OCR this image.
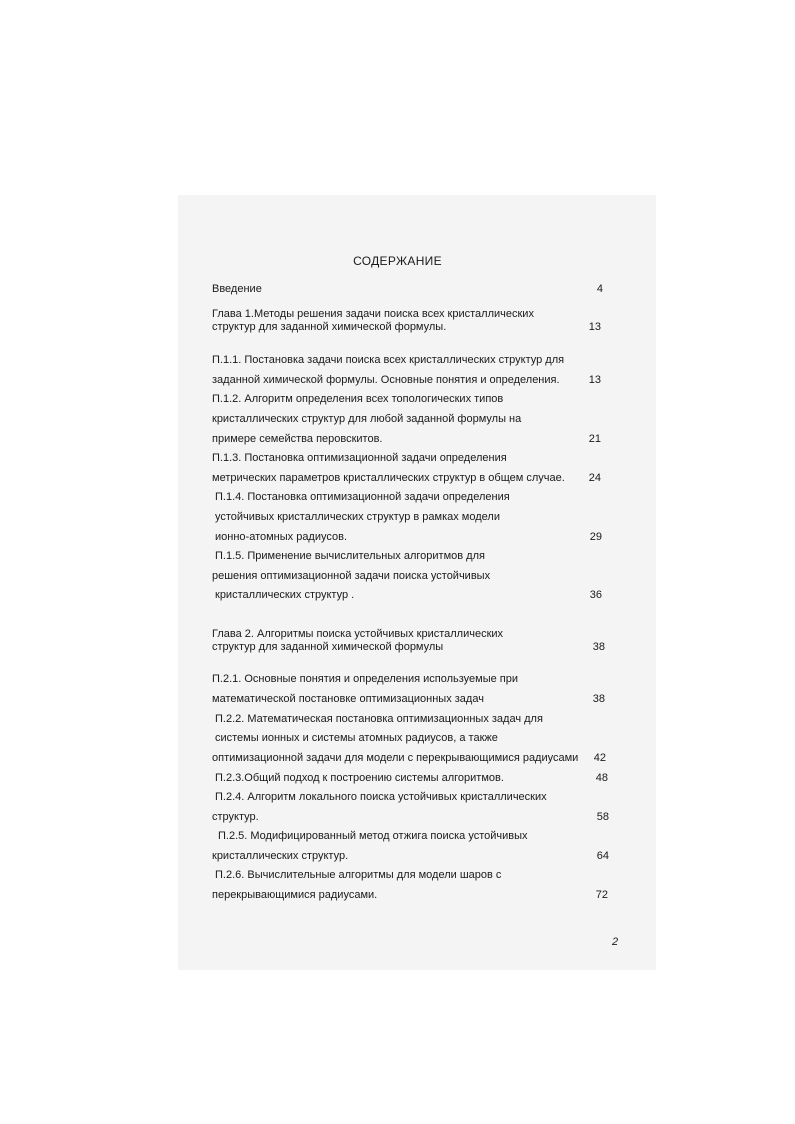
СОДЕРЖАНИЕ
Введение
Глава 1.Методы решения задачи поиска всех кристаллических
структур для заданной химической формулы.
П.1.1. Постановка задачи поиска всех кристаллических структур для
заданной химической формулы. Основные понятия и определения.
П.1.2. Алгоритм определения всех топологических типов
кристаллических структур для любой заданной формулы на
примере семейства перовскитов.
П.1.3. Постановка оптимизационной задачи определения
метрических параметров кристаллических структур в общем случае.
П.1.4. Постановка оптимизационной задачи определения
устойчивых кристаллических структур в рамках модели
ионно-атомных радиусов.
П.1.5. Применение вычислительных алгоритмов для
решения оптимизационной задачи поиска устойчивых
кристаллических структур .
Глава 2. Алгоритмы поиска устойчивых кристаллических
структур для заданной химической формулы
П.2.1. Основные понятия и определения используемые при
математической постановке оптимизационных задач
П.2.2. Математическая постановка оптимизационных задач для
системы ионных и системы атомных радиусов, а также
оптимизационной задачи для модели с перекрывающимися радиусами
П.2.3.Общий подход к построению системы алгоритмов.
П.2.4. Алгоритм локального поиска устойчивых кристаллических
структур.
П.2.5. Модифицированный метод отжига поиска устойчивых
кристаллических структур.
П.2.6. Вычислительные алгоритмы для модели шаров с
перекрывающимися радиусами.
4
13
13
21
24
29
36
38
38
42
48
58
64
72
2
